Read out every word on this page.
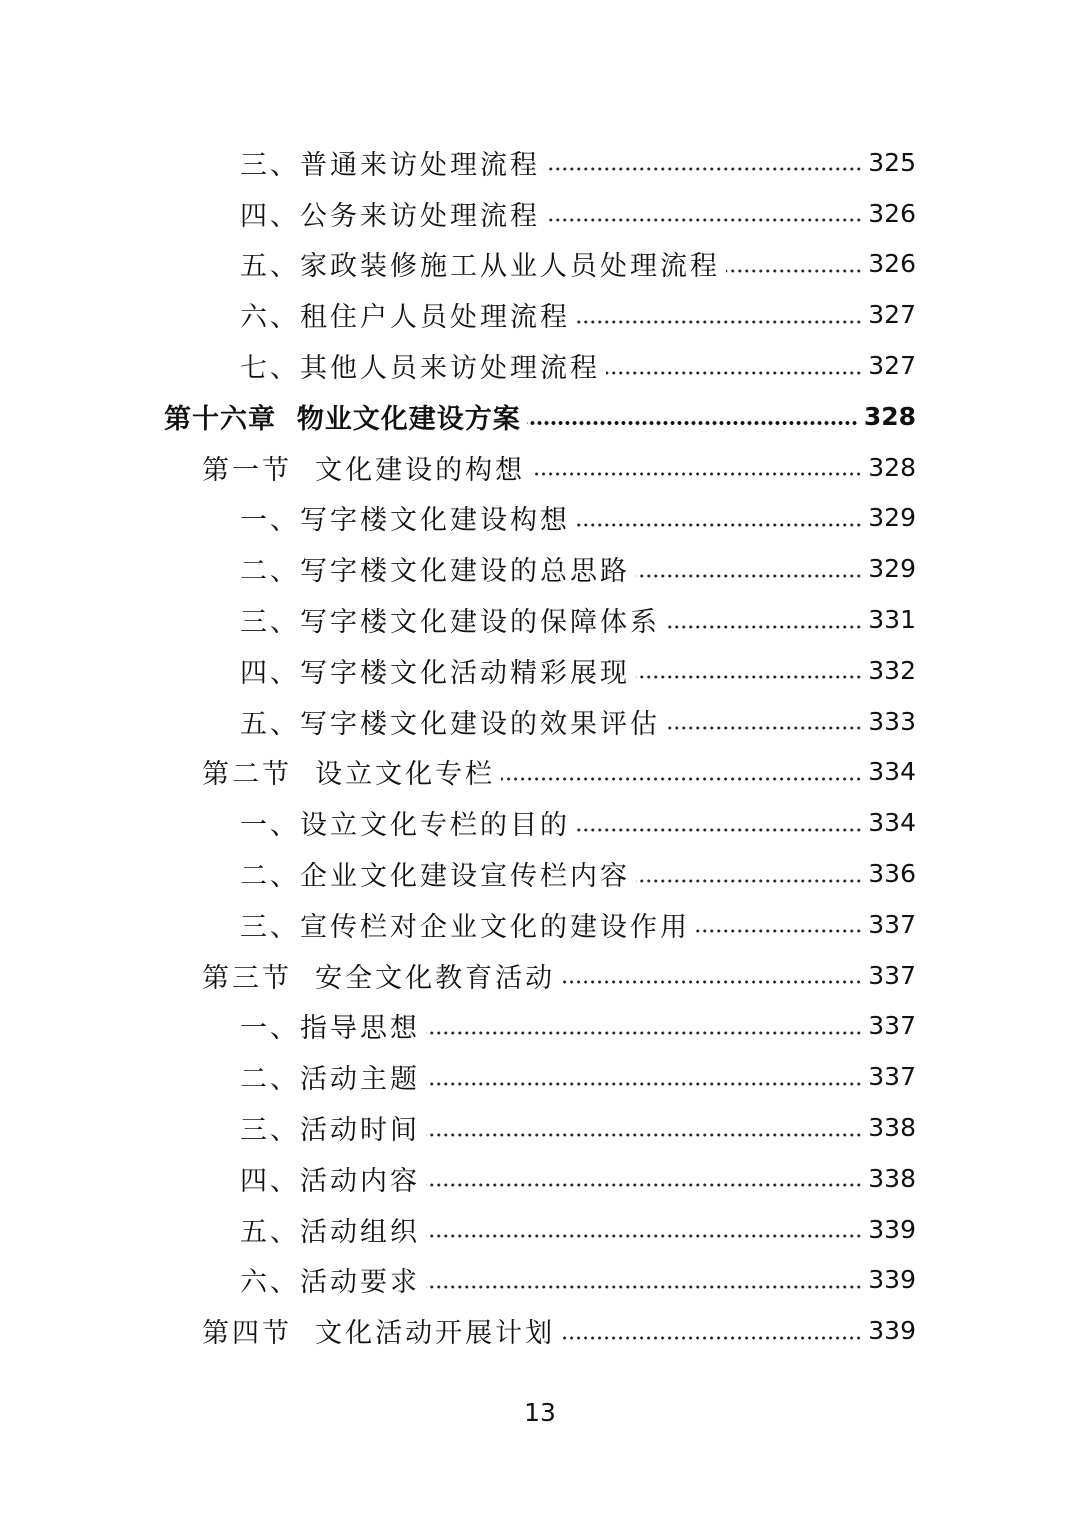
三、普通来访处理流程	325
四、公务来访处理流程	326
五、家政装修施工从业人员处理流程	326
六、租住户人员处理流程	327
七、其他人员来访处理流程	327
第十六章  物业文化建设方案	328
第一节  文化建设的构想	328
一、写字楼文化建设构想	329
二、写字楼文化建设的总思路	329
三、写字楼文化建设的保障体系	331
四、写字楼文化活动精彩展现	332
五、写字楼文化建设的效果评估	333
第二节  设立文化专栏	334
一、设立文化专栏的目的	334
二、企业文化建设宣传栏内容	336
三、宣传栏对企业文化的建设作用	337
第三节  安全文化教育活动	337
一、指导思想	337
二、活动主题	337
三、活动时间	338
四、活动内容	338
五、活动组织	339
六、活动要求	339
第四节  文化活动开展计划	339
13
